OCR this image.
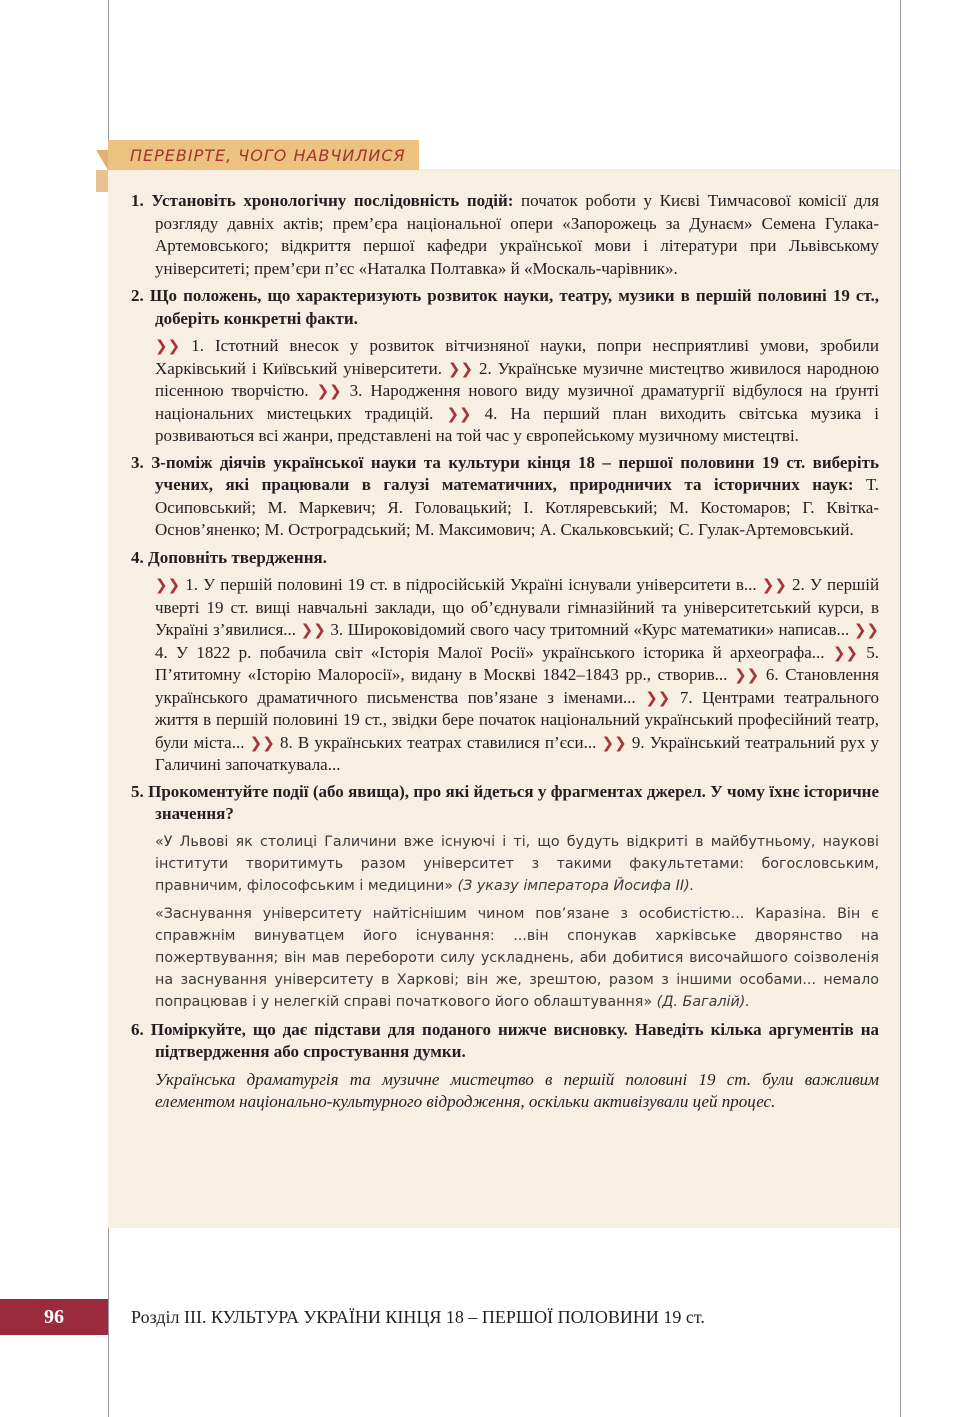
ПЕРЕВІРТЕ, ЧОГО НАВЧИЛИСЯ
1. Установіть хронологічну послідовність подій: початок роботи у Києві Тимчасової комісії для розгляду давніх актів; прем’єра національної опери «Запорожець за Дунаєм» Семена Гулака-Артемовського; відкриття першої кафедри української мови і літератури при Львівському університеті; прем’єри п’єс «Наталка Полтавка» й «Москаль-чарівник».
2. Що положень, що характеризують розвиток науки, театру, музики в першій половині 19 ст., доберіть конкретні факти.
❯❯ 1. Істотний внесок у розвиток вітчизняної науки, попри несприятливі умови, зробили Харківський і Київський університети. ❯❯ 2. Українське музичне мистецтво живилося народною пісенною творчістю. ❯❯ 3. Народження нового виду музичної драматургії відбулося на ґрунті національних мистецьких традицій. ❯❯ 4. На перший план виходить світська музика і розвиваються всі жанри, представлені на той час у європейському музичному мистецтві.
3. З-поміж діячів української науки та культури кінця 18 – першої половини 19 ст. виберіть учених, які працювали в галузі математичних, природничих та історичних наук: Т. Осиповський; М. Маркевич; Я. Головацький; І. Котляревський; М. Костомаров; Г. Квітка-Основ’яненко; М. Остроградський; М. Максимович; А. Скальковський; С. Гулак-Артемовський.
4. Доповніть твердження.
❯❯ 1. У першій половині 19 ст. в підросійській Україні існували університети в... ❯❯ 2. У першій чверті 19 ст. вищі навчальні заклади, що об’єднували гімназійний та університетський курси, в Україні з’явилися... ❯❯ 3. Широковідомий свого часу тритомний «Курс математики» написав... ❯❯ 4. У 1822 р. побачила світ «Історія Малої Росії» українського історика й археографа... ❯❯ 5. П’ятитомну «Історію Малоросії», видану в Москві 1842–1843 рр., створив... ❯❯ 6. Становлення українського драматичного письменства пов’язане з іменами... ❯❯ 7. Центрами театрального життя в першій половині 19 ст., звідки бере початок національний український професійний театр, були міста... ❯❯ 8. В українських театрах ставилися п’єси... ❯❯ 9. Український театральний рух у Галичині започаткувала...
5. Прокоментуйте події (або явища), про які йдеться у фрагментах джерел. У чому їхнє історичне значення?
«У Львові як столиці Галичини вже існуючі і ті, що будуть відкриті в майбутньому, наукові інститути творитимуть разом університет з такими факультетами: богословським, правничим, філософським і медицини» (З указу імператора Йосифа ІІ).
«Заснування університету найтіснішим чином пов’язане з особистістю... Каразіна. Він є справжнім винуватцем його існування: ...він спонукав харківське дворянство на пожертвування; він мав перебороти силу ускладнень, аби добитися височайшого соізволенія на заснування університету в Харкові; він же, зрештою, разом з іншими особами... немало попрацював і у нелегкій справі початкового його облаштування» (Д. Багалій).
6. Поміркуйте, що дає підстави для поданого нижче висновку. Наведіть кілька аргументів на підтвердження або спростування думки.
Українська драматургія та музичне мистецтво в першій половині 19 ст. були важливим елементом національно-культурного відродження, оскільки активізували цей процес.
96	Розділ ІІІ. КУЛЬТУРА УКРАЇНИ КІНЦЯ 18 – ПЕРШОЇ ПОЛОВИНИ 19 ст.
